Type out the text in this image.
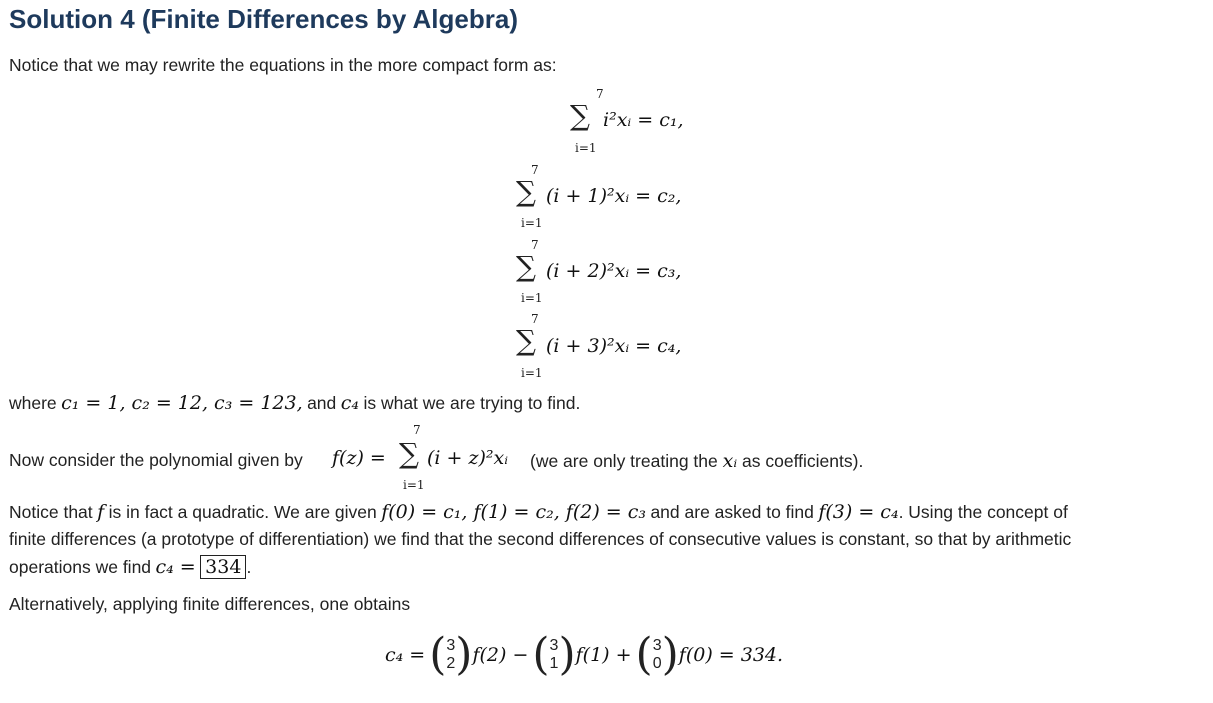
Solution 4 (Finite Differences by Algebra)
Notice that we may rewrite the equations in the more compact form as:
7
∑
i=1
i²xᵢ = c₁,
7
∑
i=1
(i + 1)²xᵢ = c₂,
7
∑
i=1
(i + 2)²xᵢ = c₃,
7
∑
i=1
(i + 3)²xᵢ = c₄,
where c₁ = 1, c₂ = 12, c₃ = 123, and c₄ is what we are trying to find.
Now consider the polynomial given by f(z) =
7
∑
i=1
(i + z)²xᵢ (we are only treating the xᵢ as coefficients).
Notice that f is in fact a quadratic. We are given f(0) = c₁, f(1) = c₂, f(2) = c₃ and are asked to find f(3) = c₄. Using the concept of
finite differences (a prototype of differentiation) we find that the second differences of consecutive values is constant, so that by arithmetic
operations we find c₄ = 334 .
Alternatively, applying finite differences, one obtains
c₄ = ( 3
2 ) f(2) − ( 3
1 ) f(1) + ( 3
0 ) f(0) = 334.
